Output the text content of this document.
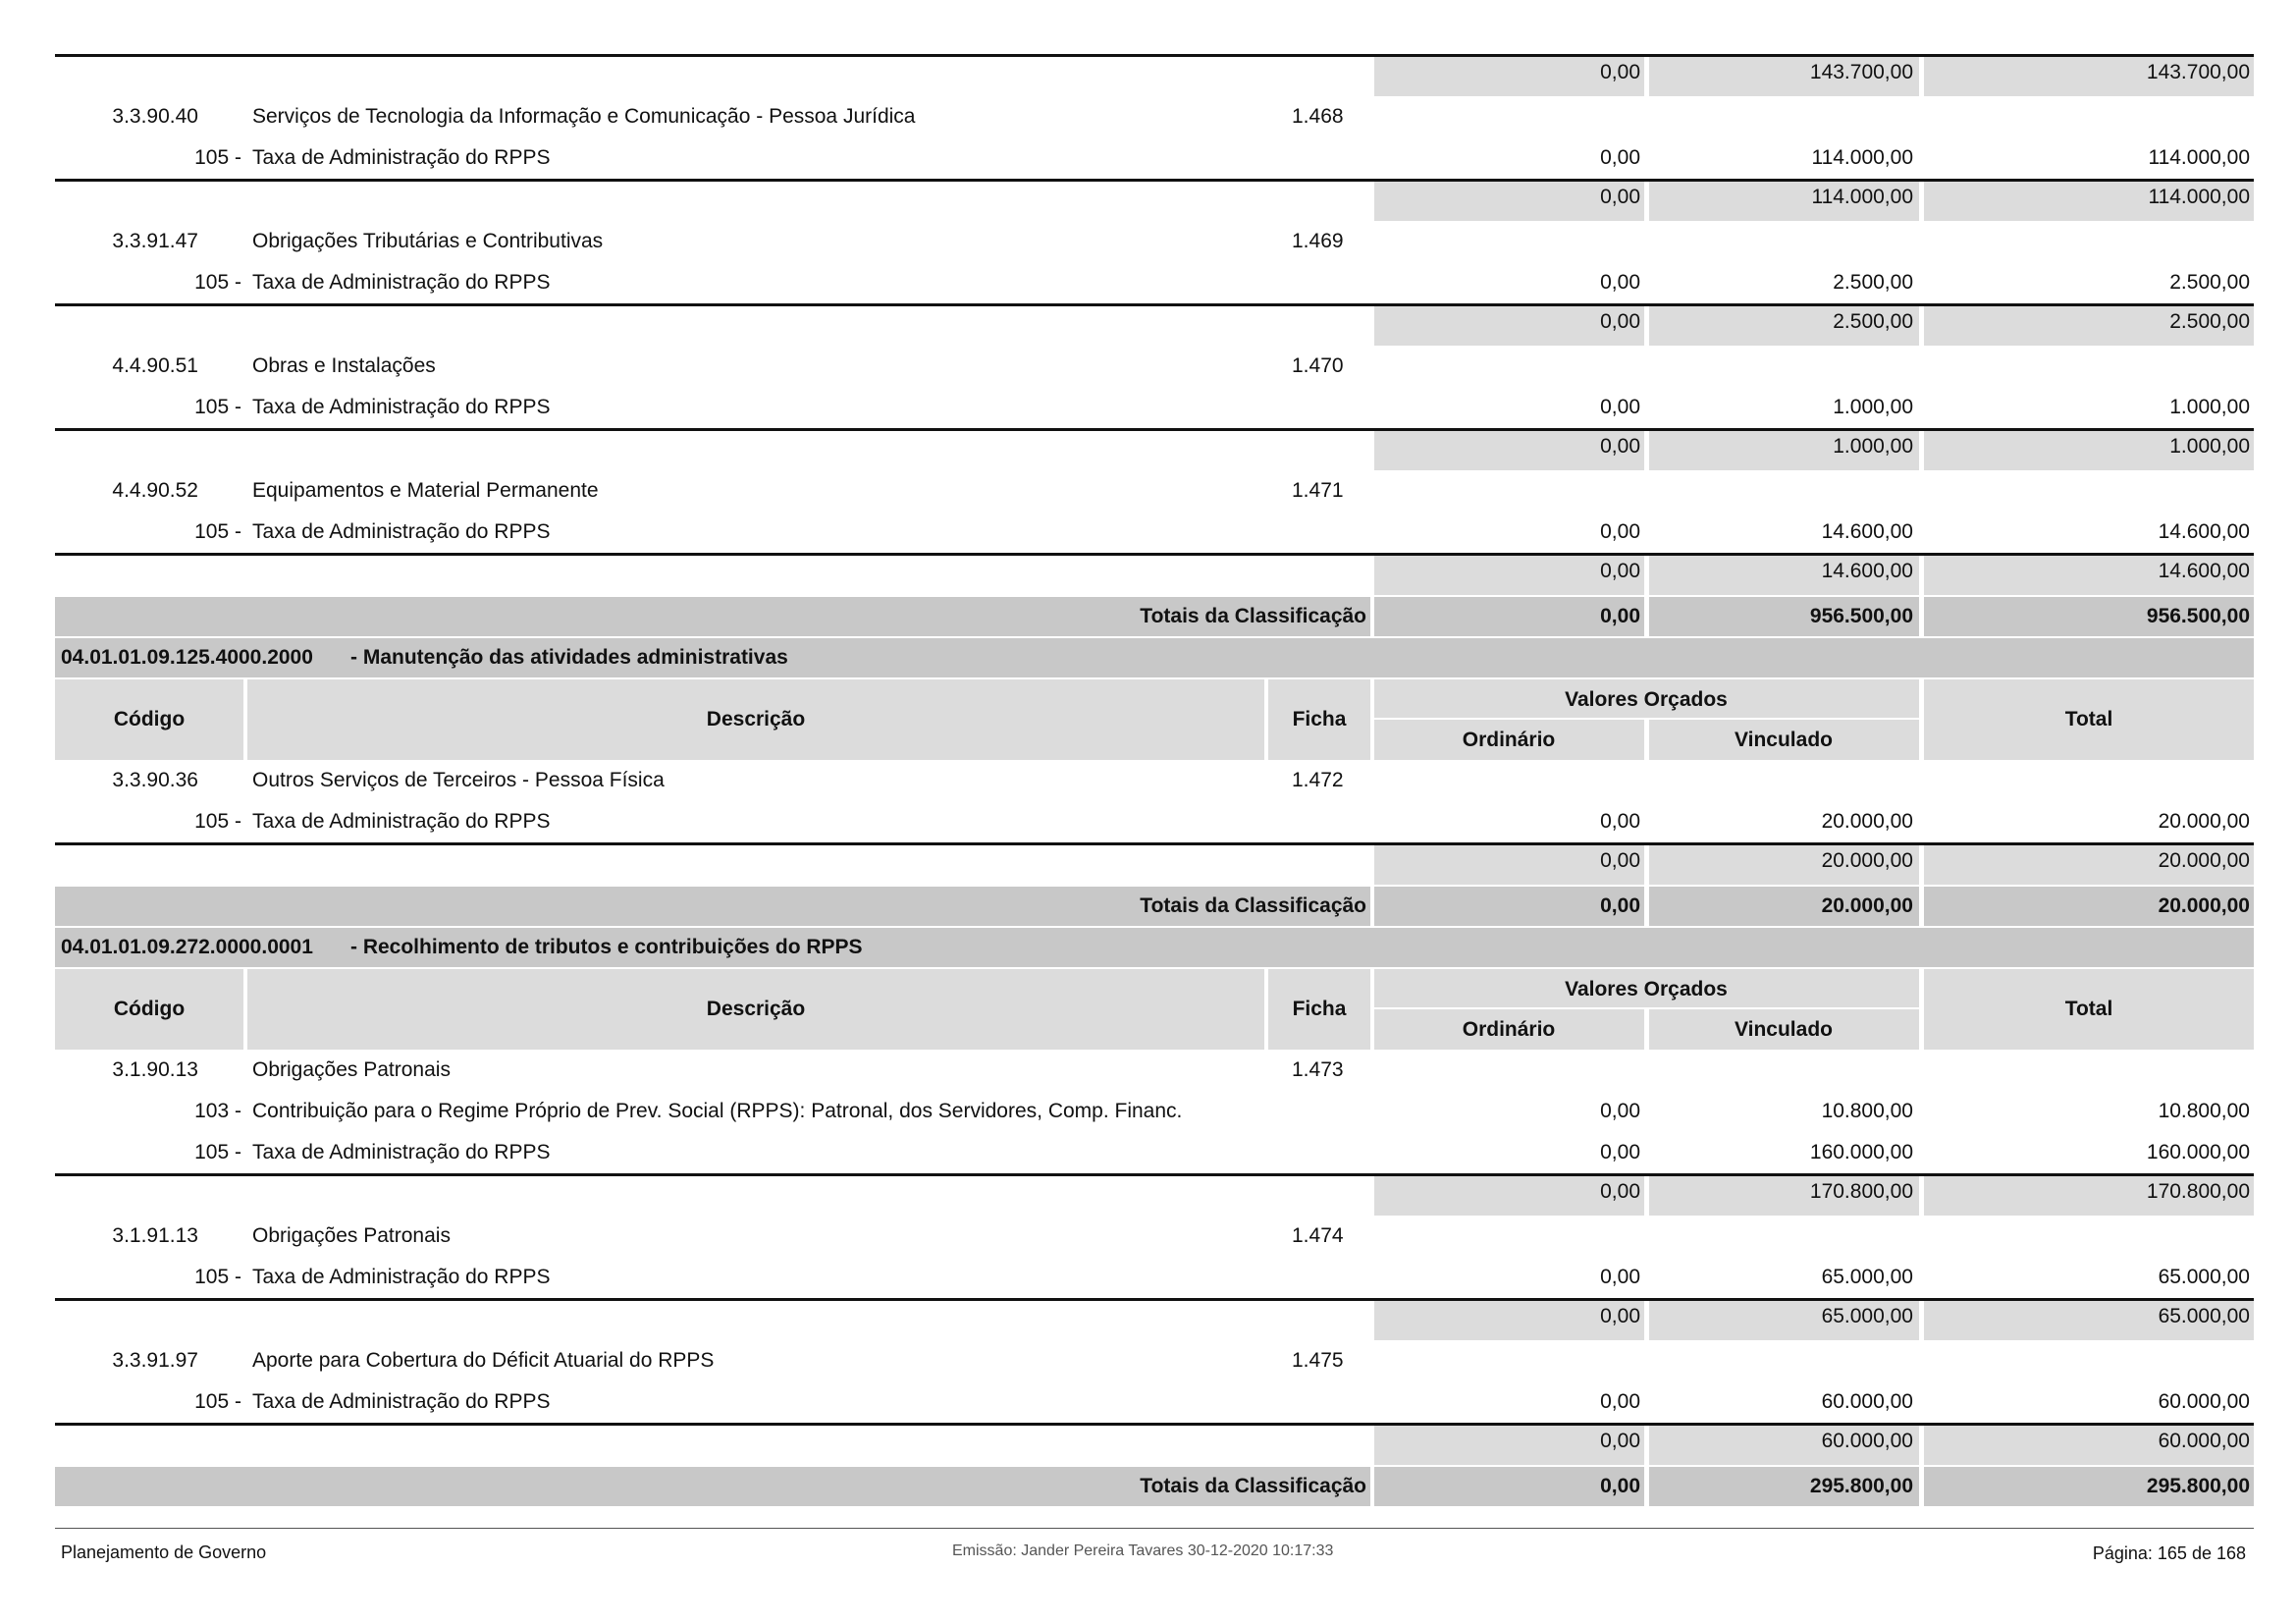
0,00	143.700,00	143.700,00
3.3.90.40	Serviços de Tecnologia da Informação e Comunicação - Pessoa Jurídica	1.468
105 - Taxa de Administração do RPPS	0,00	114.000,00	114.000,00
0,00	114.000,00	114.000,00
3.3.91.47	Obrigações Tributárias e Contributivas	1.469
105 - Taxa de Administração do RPPS	0,00	2.500,00	2.500,00
0,00	2.500,00	2.500,00
4.4.90.51	Obras e Instalações	1.470
105 - Taxa de Administração do RPPS	0,00	1.000,00	1.000,00
0,00	1.000,00	1.000,00
4.4.90.52	Equipamentos e Material Permanente	1.471
105 - Taxa de Administração do RPPS	0,00	14.600,00	14.600,00
0,00	14.600,00	14.600,00
Totais da Classificação	0,00	956.500,00	956.500,00
04.01.01.09.125.4000.2000 - Manutenção das atividades administrativas
Código	Descrição	Ficha
Valores Orçados
Ordinário	Vinculado
Total
3.3.90.36	Outros Serviços de Terceiros - Pessoa Física	1.472
105 - Taxa de Administração do RPPS	0,00	20.000,00	20.000,00
0,00	20.000,00	20.000,00
Totais da Classificação	0,00	20.000,00	20.000,00
04.01.01.09.272.0000.0001 - Recolhimento de tributos e contribuições do RPPS
Código	Descrição	Ficha
Valores Orçados
Ordinário	Vinculado
Total
3.1.90.13	Obrigações Patronais	1.473
103 - Contribuição para o Regime Próprio de Prev. Social (RPPS): Patronal, dos Servidores, Comp. Financ.	0,00	10.800,00	10.800,00
105 - Taxa de Administração do RPPS	0,00	160.000,00	160.000,00
0,00	170.800,00	170.800,00
3.1.91.13	Obrigações Patronais	1.474
105 - Taxa de Administração do RPPS	0,00	65.000,00	65.000,00
0,00	65.000,00	65.000,00
3.3.91.97	Aporte para Cobertura do Déficit Atuarial do RPPS	1.475
105 - Taxa de Administração do RPPS	0,00	60.000,00	60.000,00
0,00	60.000,00	60.000,00
Totais da Classificação	0,00	295.800,00	295.800,00
Planejamento de Governo	Emissão: Jander Pereira Tavares 30-12-2020 10:17:33	Página: 165 de 168
